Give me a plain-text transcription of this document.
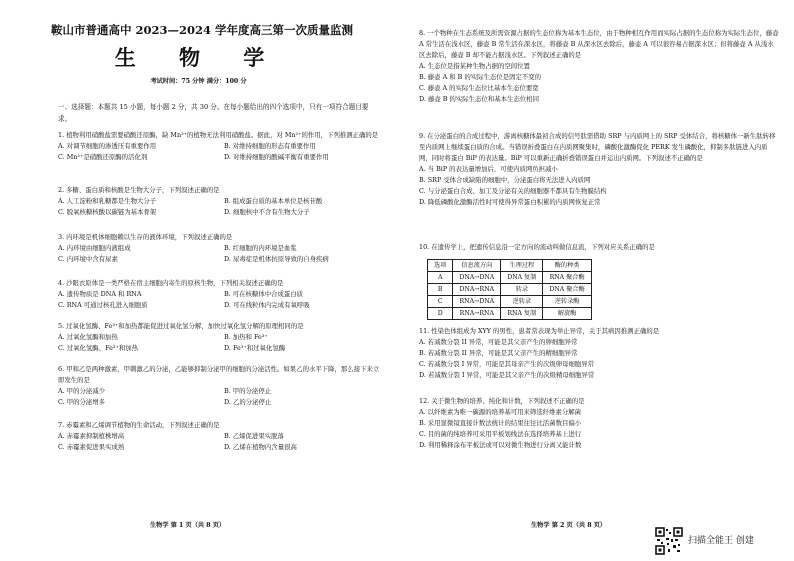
鞍山市普通高中 2023—2024 学年度高三第一次质量监测
生 物 学
考试时间：75 分钟 满分：100 分
一、选择题：本题共 15 小题，每小题 2 分，共 30 分。在每小题给出的四个选项中，只有一项符合题目要求。
1. 植物利用硝酸盐需要硝酸还原酶，缺 Mn²⁺的植物无法利用硝酸盐。据此，对 Mn²⁺的作用，下列推测正确的是
A. 对调节细胞的渗透压有重要作用	B. 对维持细胞的形态有重要作用
C. Mn²⁺是硝酸还原酶的活化剂	D. 对维持细胞的酸碱平衡有重要作用
2. 多糖、蛋白质和核酸是生物大分子，下列叙述正确的是
A. 人工淀粉和乳糖都是生物大分子	B. 组成蛋白质的基本单位是核苷酸
C. 脱氧核糖核酸以碳链为基本骨架	D. 细胞核中不含有生物大分子
3. 内环境是机体细胞赖以生存的液体环境，下列叙述正确的是
A. 内环境由细胞内液组成	B. 红细胞的内环境是血浆
C. 内环境中含有尿素	D. 尿毒症是机体抗原导致的自身疾病
4. 沙眼衣原体是一类严格在宿主细胞内寄生的原核生物，下列相关叙述正确的是
A. 遗传物质是 DNA 和 RNA	B. 可在核糖体中合成蛋白质
C. RNA 可通过核孔进入细胞质	D. 可在线粒体内完成有氧呼吸
5. 过氧化氢酶、Fe³⁺和加热都能促进过氧化氢分解，加快过氧化氢分解的原理相同的是
A. 过氧化氢酶和加热	B. 加热和 Fe³⁺
C. 过氧化氢酶、Fe³⁺和加热	D. Fe³⁺和过氧化氢酶
6. 甲和乙是两种激素，甲刺激乙的分泌，乙能够抑制分泌甲的细胞的分泌活性。如果乙的水平下降，那么接下来立即发生的是
A. 甲的分泌减少	B. 甲的分泌停止
C. 甲的分泌增多	D. 乙的分泌停止
7. 赤霉素和乙烯调节植物的生命活动，下列叙述正确的是
A. 赤霉素抑制植株增高	B. 乙烯促进果实脱落
C. 赤霉素促进果实成熟	D. 乙烯在植物内含量很高
生物学 第 1 页（共 8 页）
8. 一个物种在生态系统及所需资源占据的生态位称为基本生态位，由于物种相互作用而实际占据的生态位称为实际生态位，藤壶 A 常生活在浅水区，藤壶 B 常生活在深水区，将藤壶 B 从深水区去除后，藤壶 A 可以很容易占据深水区；但将藤壶 A 从浅水区去除后，藤壶 B 却不能占据浅水区。下列叙述正确的是
A. 生态位是指某种生物占据的空间位置
B. 藤壶 A 和 B 的实际生态位是固定不变的
C. 藤壶 A 的实际生态位比基本生态位要宽
D. 藤壶 B 的实际生态位和基本生态位相同
9. 在分泌蛋白的合成过程中，游离核糖体最初合成的信号肽需借助 SRP 与内质网上的 SRP 受体结合，将核糖体一新生肽转移至内质网上继续蛋白质的合成。当错误折叠蛋白在内质网聚集时，磷酸化激酶促化 PERK 发生磷酸化，抑制多肽链进入内质网，同时将蛋白 BiP 的表达量。BiP 可以重新正确折叠错误蛋白并运出内质网。下列叙述不正确的是
A. 当 BiP 的表达量增加后，可使内质网负担减小
B. SRP 受体合成缺陷的细胞中，分泌蛋白将无法进入内质网
C. 与分泌蛋白合成、加工及分泌有关的细胞器不都具有生物膜结构
D. 降低磷酸化激酶活性时可使得异常蛋白积累的内质网恢复正常
10. 在遗传学上，把遗传信息沿一定方向的流动叫做信息流，下列对应关系正确的是
选项	信息流方向	生理过程	酶的种类
A	DNA→DNA	DNA 复制	RNA 聚合酶
B	DNA→RNA	转录	DNA 聚合酶
C	RNA→DNA	逆转录	逆转录酶
D	RNA→RNA	RNA 复制	解旋酶
11. 性染色体组成为 XYY 的男性，患者常表现为举止异常，关于其病因推测正确的是
A. 若减数分裂 II 异常，可能是其父亲产生的卵细胞异常
B. 若减数分裂 II 异常，可能是其父亲产生的精细胞异常
C. 若减数分裂 I 异常，可能是其母亲产生的次级卵母细胞异常
D. 若减数分裂 I 异常，可能是其父亲产生的次级精母细胞异常
12. 关于微生物的培养、纯化和计数，下列叙述不正确的是
A. 以纤维素为唯一碳源的培养基可用来筛选纤维素分解菌
B. 采用显微镜直接计数法统计的结果往往比活菌数目偏小
C. 目的菌的纯培养可采用平板划线法在选择培养基上进行
D. 利用稀释涂布平板法或可以对微生物进行分离又能计数
生物学 第 2 页（共 8 页）
扫描全能王 创建
